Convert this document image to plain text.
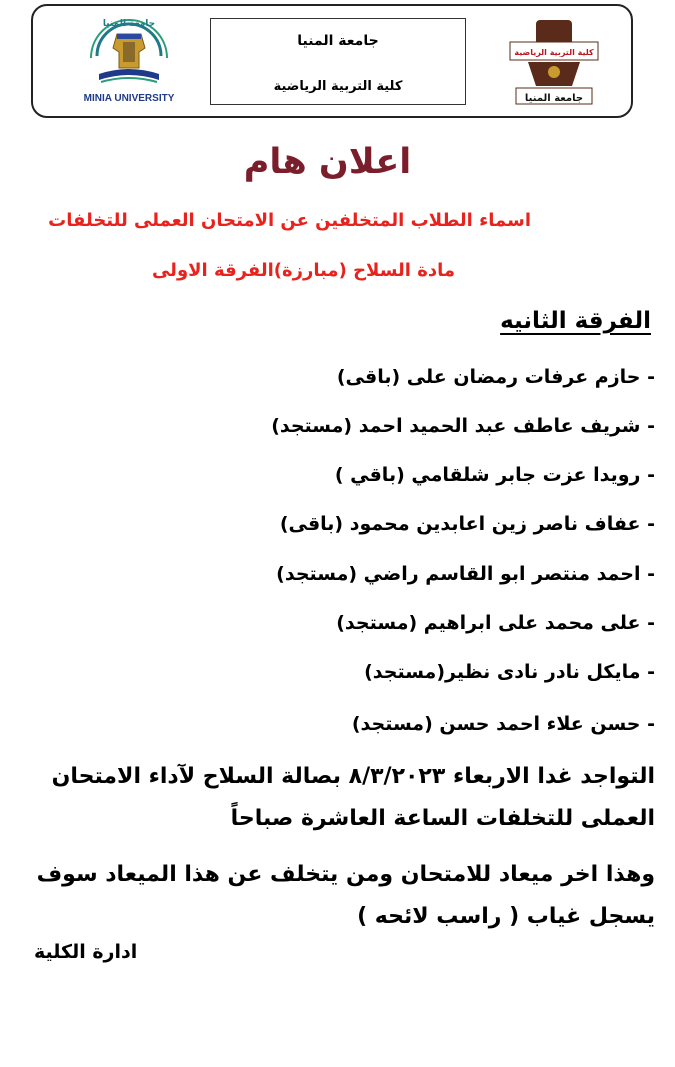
جامعة المنيا
MINIA UNIVERSITY
جامعة المنيا
كلية التربية الرياضية
كلية التربية الرياضية
جامعة المنيا
اعلان هام
اسماء الطلاب المتخلفين عن الامتحان العملى للتخلفات
مادة السلاح (مبارزة)الفرقة الاولى
الفرقة الثانيه
- حازم عرفات رمضان على (باقى)
- شريف عاطف عبد الحميد احمد (مستجد)
- رويدا عزت جابر شلقامي (باقي )
- عفاف ناصر زين اعابدين محمود (باقى)
- احمد منتصر ابو القاسم راضي (مستجد)
- على محمد على ابراهيم (مستجد)
- مايكل نادر نادى نظير(مستجد)
- حسن علاء احمد حسن (مستجد)
التواجد غدا الاربعاء ٨/٣/٢٠٢٣ بصالة السلاح لآداء الامتحان
العملى للتخلفات الساعة العاشرة صباحاً
وهذا اخر ميعاد للامتحان ومن يتخلف عن هذا الميعاد سوف
يسجل غياب ( راسب لائحه )
ادارة الكلية
